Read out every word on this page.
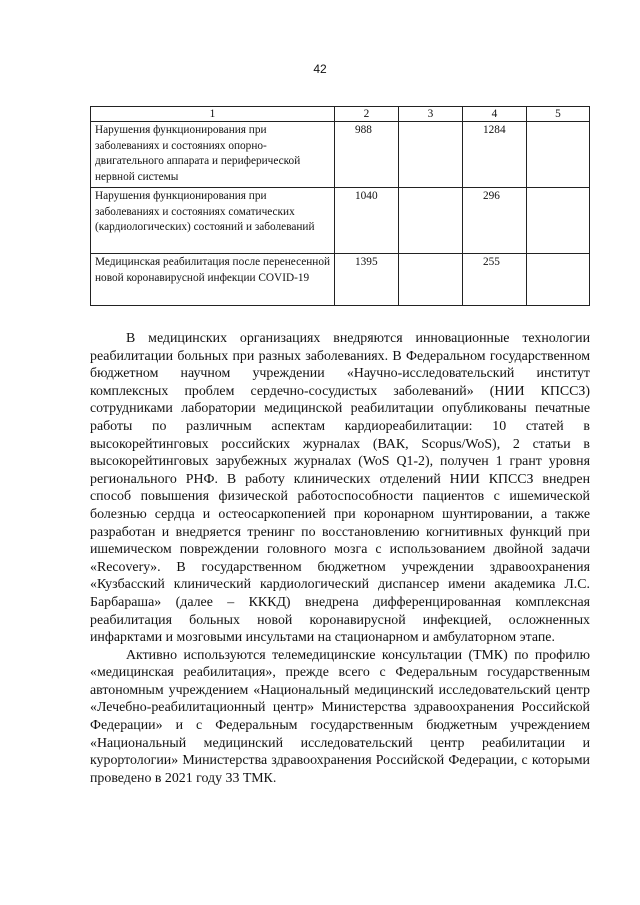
42
1	2	3	4	5
Нарушения функционирования при заболеваниях и состояниях опорно-двигательного аппарата и периферической нервной системы	988		1284	
Нарушения функционирования при заболеваниях и состояниях соматических (кардиологических) состояний и заболеваний	1040		296	
Медицинская реабилитация после перенесенной новой коронавирусной инфекции COVID-19	1395		255	

В медицинских организациях внедряются инновационные технологии реабилитации больных при разных заболеваниях. В Федеральном государственном бюджетном научном учреждении «Научно-исследовательский институт комплексных проблем сердечно-сосудистых заболеваний» (НИИ КПССЗ) сотрудниками лаборатории медицинской реабилитации опубликованы печатные работы по различным аспектам кардиореабилитации: 10 статей в высокорейтинговых российских журналах (ВАК, Scopus/WoS), 2 статьи в высокорейтинговых зарубежных журналах (WoS Q1-2), получен 1 грант уровня регионального РНФ. В работу клинических отделений НИИ КПССЗ внедрен способ повышения физической работоспособности пациентов с ишемической болезнью сердца и остеосаркопенией при коронарном шунтировании, а также разработан и внедряется тренинг по восстановлению когнитивных функций при ишемическом повреждении головного мозга с использованием двойной задачи «Recovery». В государственном бюджетном учреждении здравоохранения «Кузбасский клинический кардиологический диспансер имени академика Л.С. Барбараша» (далее – КККД) внедрена дифференцированная комплексная реабилитация больных новой коронавирусной инфекцией, осложненных инфарктами и мозговыми инсультами на стационарном и амбулаторном этапе.

Активно используются телемедицинские консультации (ТМК) по профилю «медицинская реабилитация», прежде всего с Федеральным государственным автономным учреждением «Национальный медицинский исследовательский центр «Лечебно-реабилитационный центр» Министерства здравоохранения Российской Федерации» и с Федеральным государственным бюджетным учреждением «Национальный медицинский исследовательский центр реабилитации и курортологии» Министерства здравоохранения Российской Федерации, с которыми проведено в 2021 году 33 ТМК.
